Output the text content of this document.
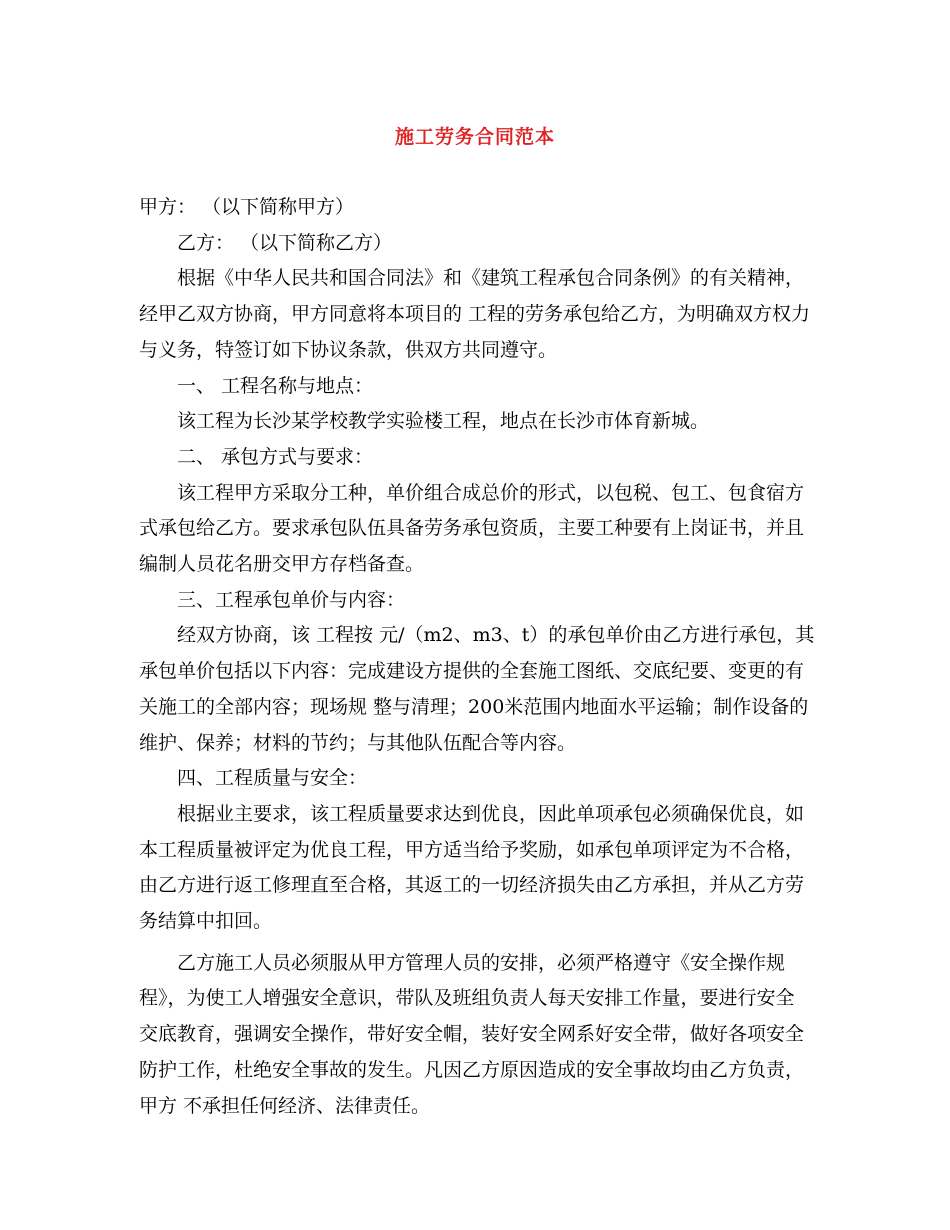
施工劳务合同范本

甲方： （以下简称甲方）

乙方： （以下简称乙方）

根据《中华人民共和国合同法》和《建筑工程承包合同条例》的有关精神，经甲乙双方协商，甲方同意将本项目的 工程的劳务承包给乙方，为明确双方权力与义务，特签订如下协议条款，供双方共同遵守。

一、 工程名称与地点：

该工程为长沙某学校教学实验楼工程，地点在长沙市体育新城。

二、 承包方式与要求：

该工程甲方采取分工种，单价组合成总价的形式，以包税、包工、包食宿方式承包给乙方。要求承包队伍具备劳务承包资质，主要工种要有上岗证书，并且编制人员花名册交甲方存档备查。

三、工程承包单价与内容：

经双方协商，该 工程按 元/（m2、m3、t）的承包单价由乙方进行承包，其承包单价包括以下内容：完成建设方提供的全套施工图纸、交底纪要、变更的有关施工的全部内容；现场规 整与清理；200米范围内地面水平运输；制作设备的维护、保养；材料的节约；与其他队伍配合等内容。

四、工程质量与安全：

根据业主要求，该工程质量要求达到优良，因此单项承包必须确保优良，如本工程质量被评定为优良工程，甲方适当给予奖励，如承包单项评定为不合格，由乙方进行返工修理直至合格，其返工的一切经济损失由乙方承担，并从乙方劳务结算中扣回。

乙方施工人员必须服从甲方管理人员的安排，必须严格遵守《安全操作规程》，为使工人增强安全意识，带队及班组负责人每天安排工作量，要进行安全 交底教育，强调安全操作，带好安全帽，装好安全网系好安全带，做好各项安全防护工作，杜绝安全事故的发生。凡因乙方原因造成的安全事故均由乙方负责，甲方 不承担任何经济、法律责任。
